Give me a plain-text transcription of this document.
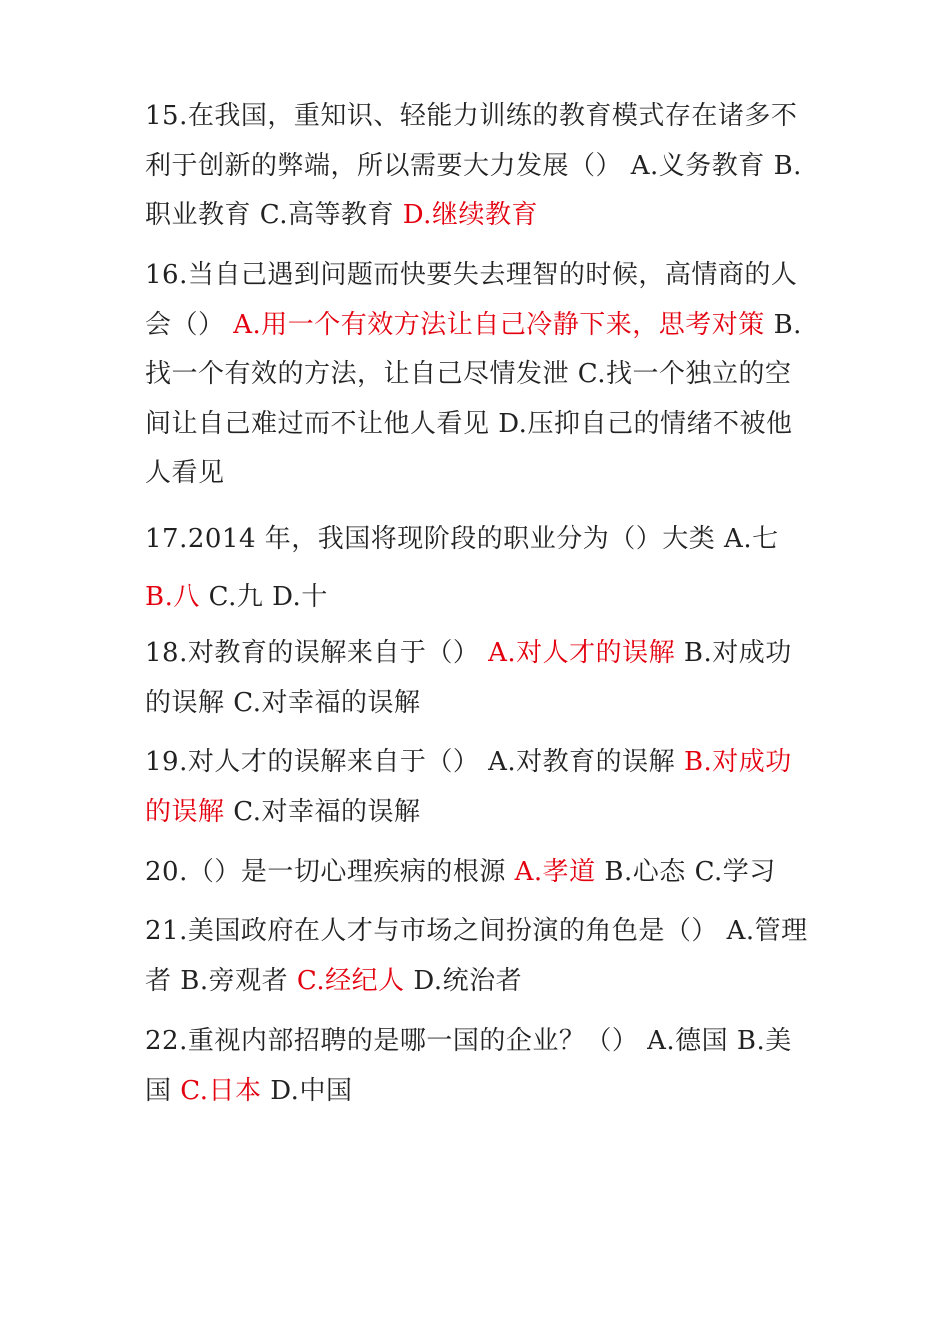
15.在我国，重知识、轻能力训练的教育模式存在诸多不利于创新的弊端，所以需要大力发展（） A.义务教育 B.职业教育 C.高等教育 D.继续教育

16.当自己遇到问题而快要失去理智的时候，高情商的人会（） A.用一个有效方法让自己冷静下来，思考对策 B.找一个有效的方法，让自己尽情发泄 C.找一个独立的空间让自己难过而不让他人看见 D.压抑自己的情绪不被他人看见

17.2014 年，我国将现阶段的职业分为（）大类 A.七 B.八 C.九 D.十

18.对教育的误解来自于（） A.对人才的误解 B.对成功的误解 C.对幸福的误解

19.对人才的误解来自于（） A.对教育的误解 B.对成功的误解 C.对幸福的误解

20.（）是一切心理疾病的根源 A.孝道 B.心态 C.学习

21.美国政府在人才与市场之间扮演的角色是（） A.管理者 B.旁观者 C.经纪人 D.统治者

22.重视内部招聘的是哪一国的企业？（） A.德国 B.美国 C.日本 D.中国
